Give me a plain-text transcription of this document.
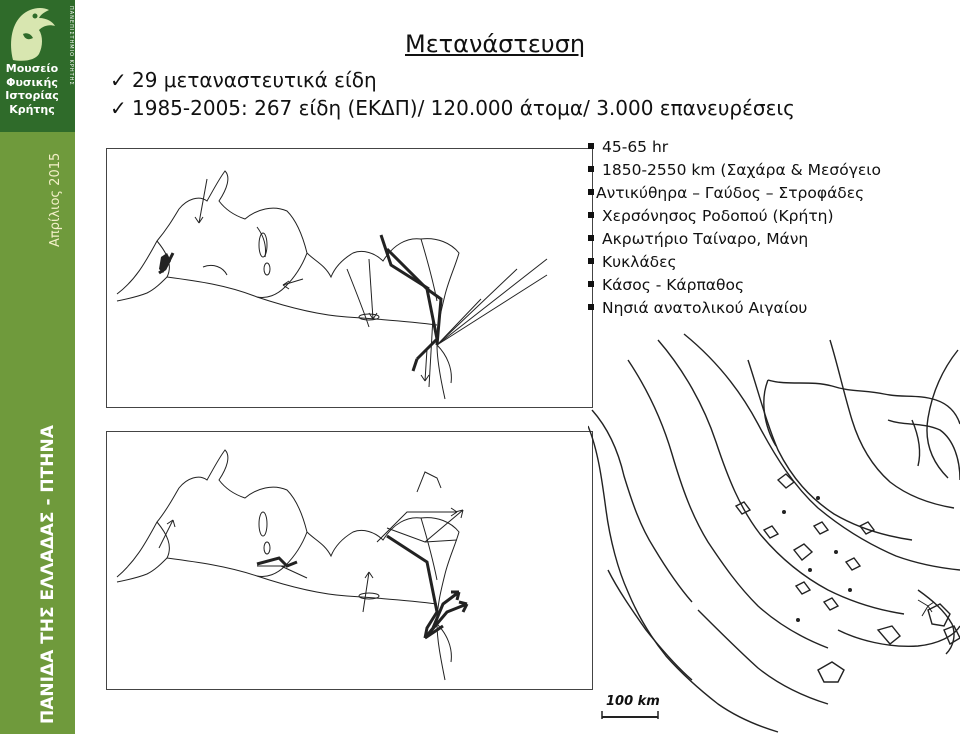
Μουσείο
Φυσικής
Ιστορίας
Κρήτης
ΠΑΝΕΠΙΣΤΗΜΙΟ ΚΡΗΤΗΣ
Απρίλιος 2015
ΠΑΝΙΔΑ ΤΗΣ ΕΛΛΑΔΑΣ - ΠΤΗΝΑ
Μετανάστευση
✓ 29 μεταναστευτικά είδη
✓ 1985-2005: 267 είδη (ΕΚΔΠ)/ 120.000 άτομα/ 3.000 επανευρέσεις
45-65 hr
1850-2550 km (Σαχάρα & Μεσόγειο
Αντικύθηρα – Γαύδος – Στροφάδες
Χερσόνησος Ροδοπού (Κρήτη)
Ακρωτήριο Ταίναρο, Μάνη
Κυκλάδες
Κάσος - Κάρπαθος
Νησιά ανατολικού Αιγαίου
100 km
